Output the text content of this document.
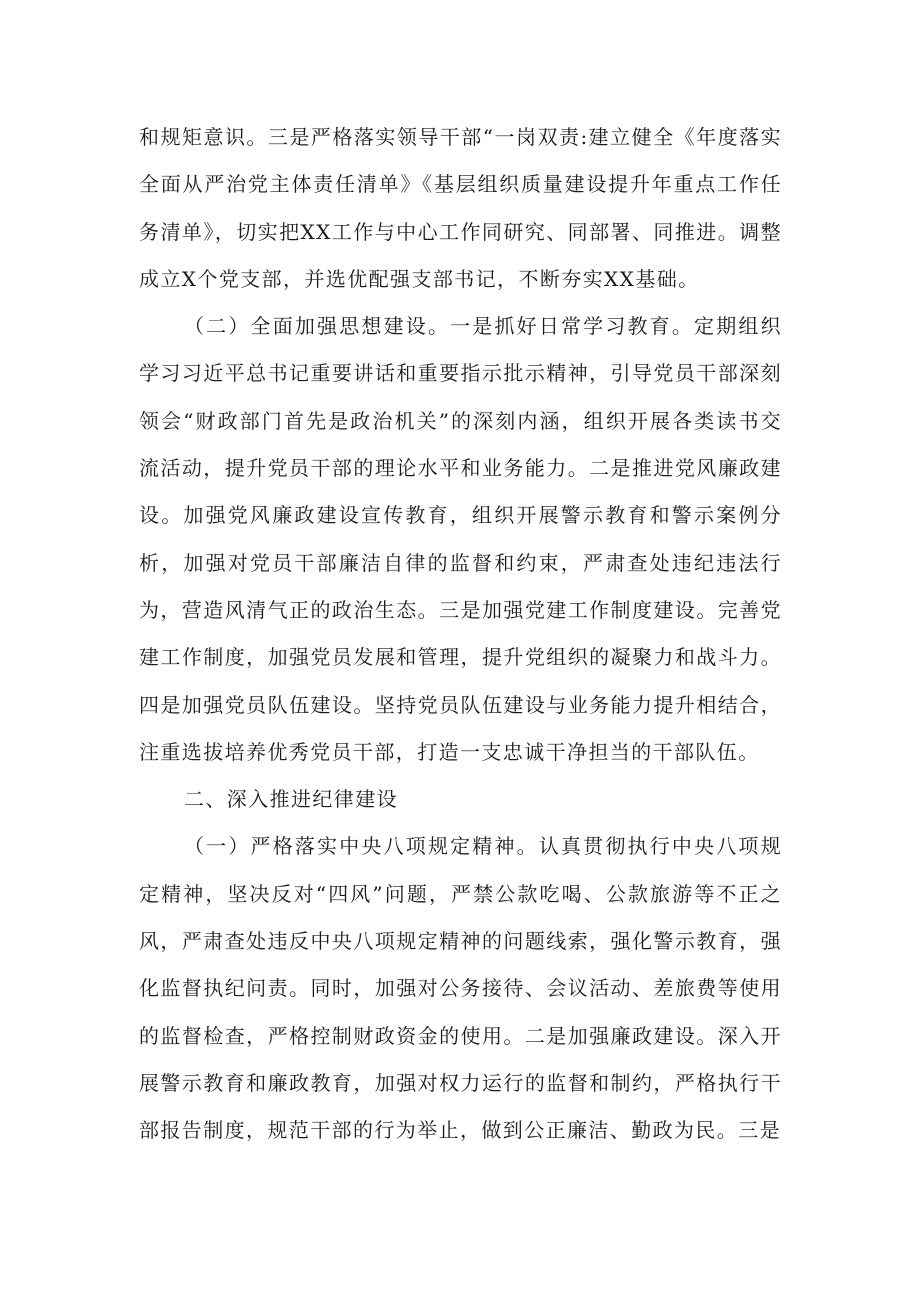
和规矩意识。三是严格落实领导干部“一岗双责:建立健全《年度落实全面从严治党主体责任清单》《基层组织质量建设提升年重点工作任务清单》，切实把XX工作与中心工作同研究、同部署、同推进。调整成立X个党支部，并选优配强支部书记，不断夯实XX基础。

（二）全面加强思想建设。一是抓好日常学习教育。定期组织学习习近平总书记重要讲话和重要指示批示精神，引导党员干部深刻领会“财政部门首先是政治机关”的深刻内涵，组织开展各类读书交流活动，提升党员干部的理论水平和业务能力。二是推进党风廉政建设。加强党风廉政建设宣传教育，组织开展警示教育和警示案例分析，加强对党员干部廉洁自律的监督和约束，严肃查处违纪违法行为，营造风清气正的政治生态。三是加强党建工作制度建设。完善党建工作制度，加强党员发展和管理，提升党组织的凝聚力和战斗力。四是加强党员队伍建设。坚持党员队伍建设与业务能力提升相结合，注重选拔培养优秀党员干部，打造一支忠诚干净担当的干部队伍。

二、深入推进纪律建设

（一）严格落实中央八项规定精神。认真贯彻执行中央八项规定精神，坚决反对“四风”问题，严禁公款吃喝、公款旅游等不正之风，严肃查处违反中央八项规定精神的问题线索，强化警示教育，强化监督执纪问责。同时，加强对公务接待、会议活动、差旅费等使用的监督检查，严格控制财政资金的使用。二是加强廉政建设。深入开展警示教育和廉政教育，加强对权力运行的监督和制约，严格执行干部报告制度，规范干部的行为举止，做到公正廉洁、勤政为民。三是
